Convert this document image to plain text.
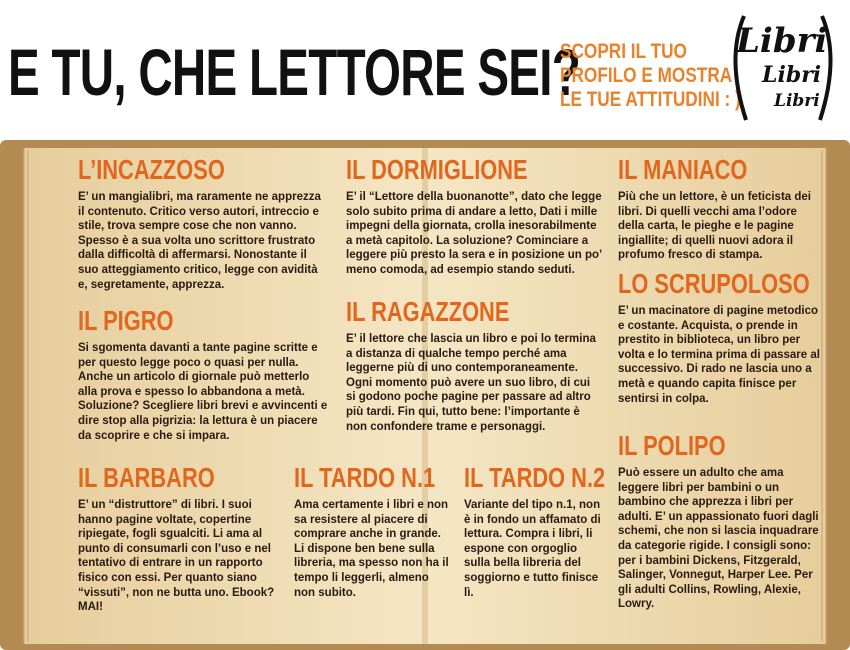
E TU, CHE LETTORE SEI?
SCOPRI IL TUO
PROFILO E MOSTRA
LE TUE ATTITUDINI : )
Libri
Libri
Libri
L’INCAZZOSO
E’ un mangialibri, ma raramente ne apprezza il contenuto. Critico verso autori, intreccio e stile, trova sempre cose che non vanno. Spesso è a sua volta uno scrittore frustrato dalla difficoltà di affermarsi. Nonostante il suo atteggiamento critico, legge con avidità e, segretamente, apprezza.
IL PIGRO
Si sgomenta davanti a tante pagine scritte e per questo legge poco o quasi per nulla. Anche un articolo di giornale può metterlo alla prova e spesso lo abbandona a metà. Soluzione? Scegliere libri brevi e avvincenti e dire stop alla pigrizia: la lettura è un piacere da scoprire e che si impara.
IL DORMIGLIONE
E’ il “Lettore della buonanotte”, dato che legge solo subito prima di andare a letto, Dati i mille impegni della giornata, crolla inesorabilmente a metà capitolo. La soluzione? Cominciare a leggere più presto la sera e in posizione un po’ meno comoda, ad esempio stando seduti.
IL RAGAZZONE
E’ il lettore che lascia un libro e poi lo termina a distanza di qualche tempo perché ama leggerne più di uno contemporaneamente. Ogni momento può avere un suo libro, di cui si godono poche pagine per passare ad altro più tardi. Fin qui, tutto bene: l’importante è non confondere trame e personaggi.
IL MANIACO
Più che un lettore, è un feticista dei libri. Di quelli vecchi ama l’odore della carta, le pieghe e le pagine ingiallite; di quelli nuovi adora il profumo fresco di stampa.
LO SCRUPOLOSO
E’ un macinatore di pagine metodico e costante. Acquista, o prende in prestito in biblioteca, un libro per volta e lo termina prima di passare al successivo. Di rado ne lascia uno a metà e quando capita finisce per sentirsi in colpa.
IL POLIPO
Può essere un adulto che ama leggere libri per bambini o un bambino che apprezza i libri per adulti. E’ un appassionato fuori dagli schemi, che non si lascia inquadrare da categorie rigide. I consigli sono: per i bambini Dickens, Fitzgerald, Salinger, Vonnegut, Harper Lee. Per gli adulti Collins, Rowling, Alexie, Lowry.
IL BARBARO
E’ un “distruttore” di libri. I suoi hanno pagine voltate, copertine ripiegate, fogli sgualciti. Li ama al punto di consumarli con l’uso e nel tentativo di entrare in un rapporto fisico con essi. Per quanto siano “vissuti”, non ne butta uno. Ebook? MAI!
IL TARDO N.1
Ama certamente i libri e non sa resistere al piacere di comprare anche in grande. Li dispone ben bene sulla libreria, ma spesso non ha il tempo li leggerli, almeno non subito.
IL TARDO N.2
Variante del tipo n.1, non è in fondo un affamato di lettura. Compra i libri, li espone con orgoglio sulla bella libreria del soggiorno e tutto finisce lì.
